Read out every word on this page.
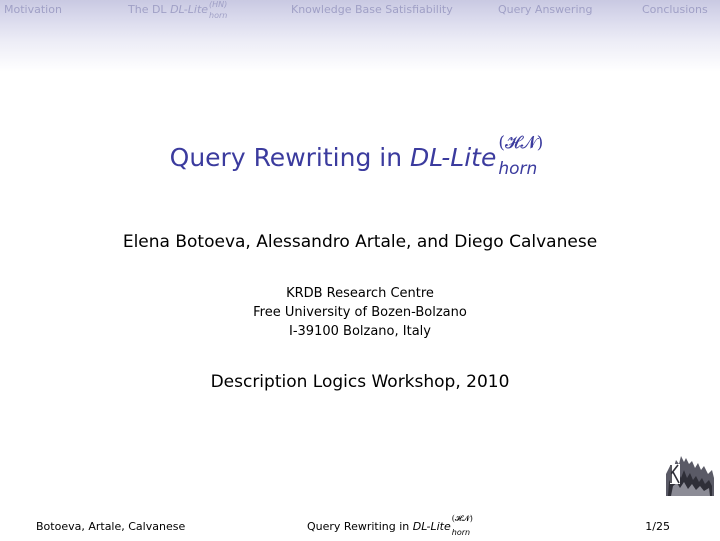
Motivation	The DL DL-Lite (HN)
horn	Knowledge Base Satisfiability	Query Answering	Conclusions
Query Rewriting in DL-Lite (𝓗𝓝)
horn
Elena Botoeva, Alessandro Artale, and Diego Calvanese
KRDB Research Centre
Free University of Bozen-Bolzano
I-39100 Bolzano, Italy
Description Logics Workshop, 2010
Botoeva, Artale, Calvanese	Query Rewriting in DL-Lite
(𝓗𝓝)
horn	1/25
